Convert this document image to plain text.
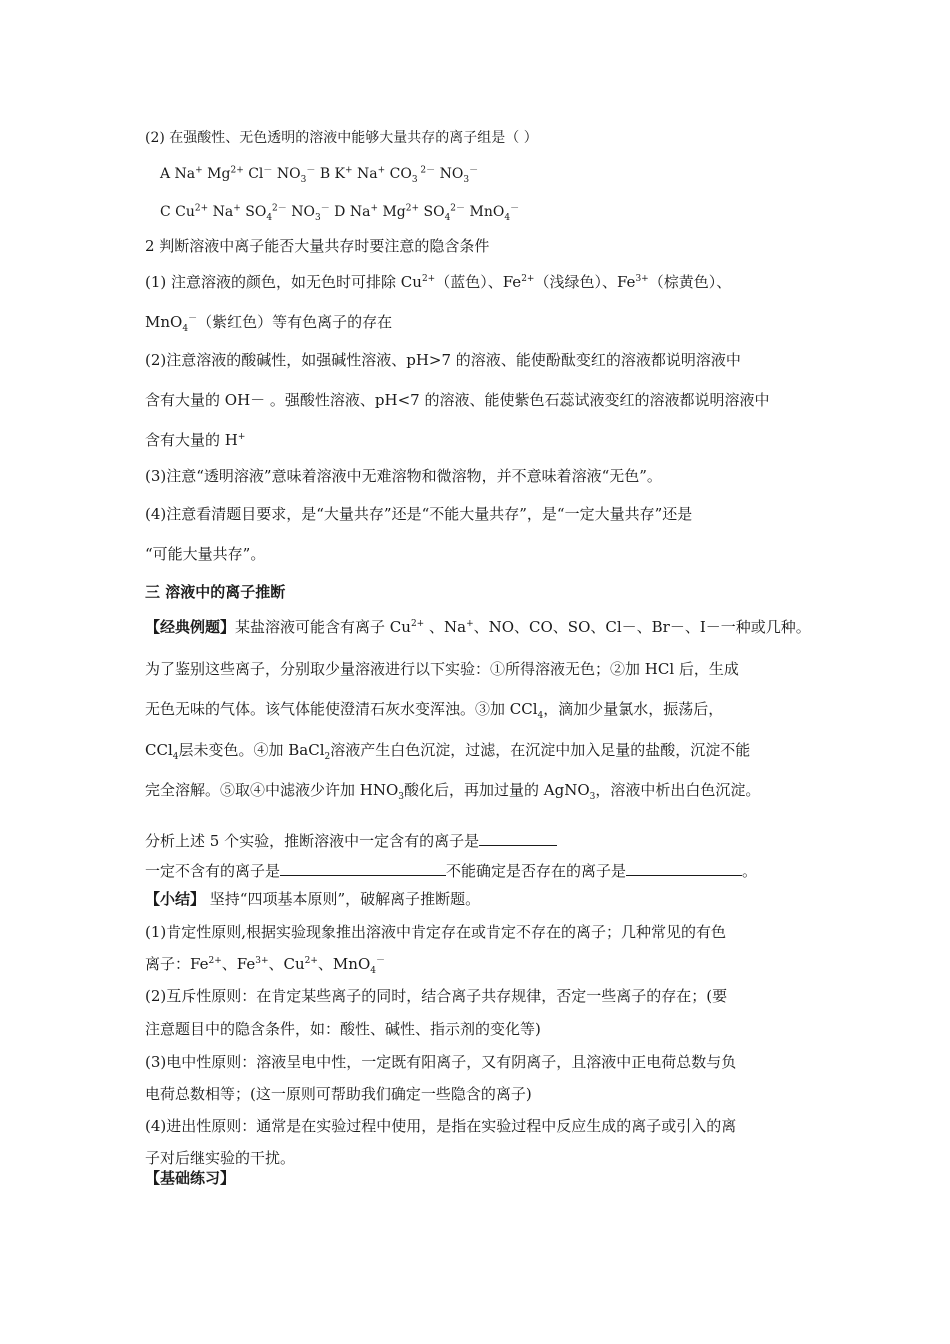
(2) 在强酸性、无色透明的溶液中能够大量共存的离子组是（ ）
A Na+ $Mg^{2+}$ Cl－ $NO_3^-$ B K+ Na+ $CO_3$ $^{2-}$ $NO_3^-$
C $Cu^{2+}$ Na+ $SO_4^{2-}$ $NO_3^-$ D Na+ $Mg^{2+}$ $SO_4^{2-}$ MnO$_4$－
2 判断溶液中离子能否大量共存时要注意的隐含条件
(1) 注意溶液的颜色，如无色时可排除 $Cu^{2+}$（蓝色）、$Fe^{2+}$（浅绿色）、$Fe^{3+}$（棕黄色）、
MnO$_4$－（紫红色）等有色离子的存在
(2)注意溶液的酸碱性，如强碱性溶液、pH>7 的溶液、能使酚酞变红的溶液都说明溶液中
含有大量的 OH－ 。强酸性溶液、pH<7 的溶液、能使紫色石蕊试液变红的溶液都说明溶液中
含有大量的 H+
(3)注意“透明溶液”意味着溶液中无难溶物和微溶物，并不意味着溶液“无色”。
(4)注意看清题目要求，是“大量共存”还是“不能大量共存”，是“一定大量共存”还是
“可能大量共存”。
三 溶液中的离子推断
【经典例题】某盐溶液可能含有离子 $Cu^{2+}$ 、Na+、NO、CO、SO、Cl－、Br－、I－一种或几种。
为了鉴别这些离子，分别取少量溶液进行以下实验：①所得溶液无色；②加 HCl 后，生成
无色无味的气体。该气体能使澄清石灰水变浑浊。③加 CCl$_4$，滴加少量氯水，振荡后，
CCl$_4$层未变色。④加 BaCl$_2$溶液产生白色沉淀，过滤，在沉淀中加入足量的盐酸，沉淀不能
完全溶解。⑤取④中滤液少许加 $HNO_3$酸化后，再加过量的 AgNO$_3$，溶液中析出白色沉淀。
分析上述 5 个实验，推断溶液中一定含有的离子是
一定不含有的离子是	不能确定是否存在的离子是	。
【小结】 坚持“四项基本原则”，破解离子推断题。
(1)肯定性原则,根据实验现象推出溶液中肯定存在或肯定不存在的离子；几种常见的有色
离子：$Fe^{2+}$、$Fe^{3+}$、$Cu^{2+}$、MnO$_4$－
(2)互斥性原则：在肯定某些离子的同时，结合离子共存规律，否定一些离子的存在；(要
注意题目中的隐含条件，如：酸性、碱性、指示剂的变化等)
(3)电中性原则：溶液呈电中性，一定既有阳离子，又有阴离子，且溶液中正电荷总数与负
电荷总数相等；(这一原则可帮助我们确定一些隐含的离子)
(4)进出性原则：通常是在实验过程中使用，是指在实验过程中反应生成的离子或引入的离
子对后继实验的干扰。
【基础练习】
